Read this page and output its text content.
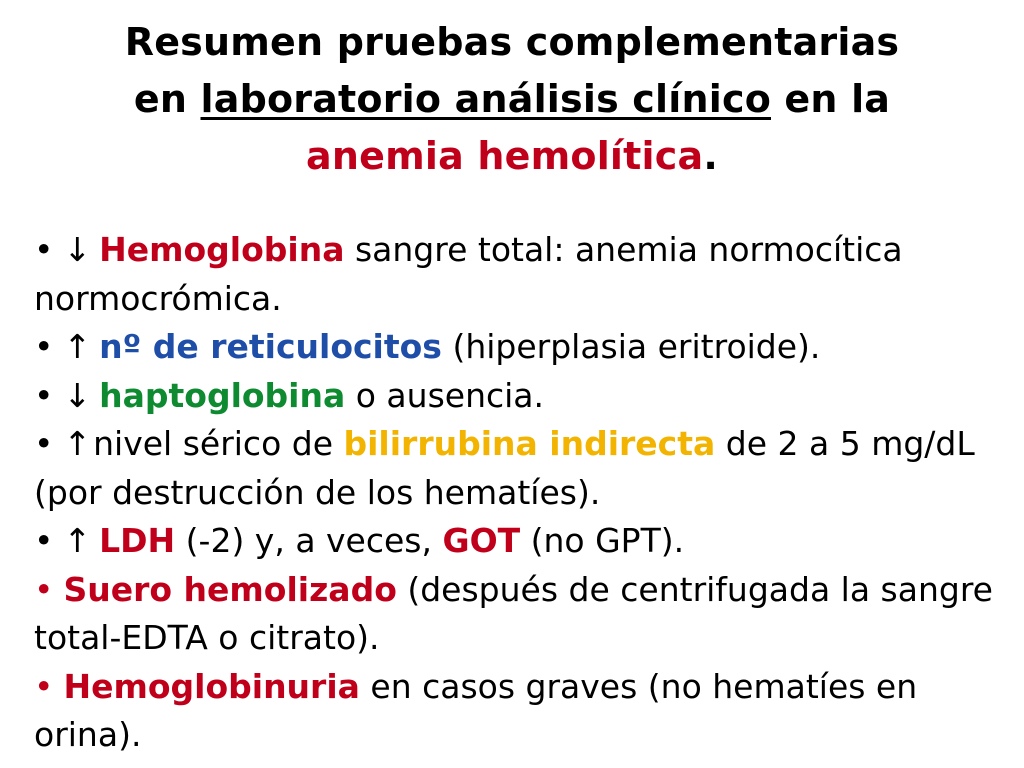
Resumen pruebas complementarias
en laboratorio análisis clínico en la
anemia hemolítica.

• ↓ Hemoglobina sangre total: anemia normocítica normocrómica.

• ↑ nº de reticulocitos (hiperplasia eritroide).

• ↓ haptoglobina o ausencia.

• ↑nivel sérico de bilirrubina indirecta de 2 a 5 mg/dL (por destrucción de los hematíes).

• ↑ LDH (-2) y, a veces, GOT (no GPT).

• Suero hemolizado (después de centrifugada la sangre total-EDTA o citrato).

• Hemoglobinuria en casos graves (no hematíes en orina).
